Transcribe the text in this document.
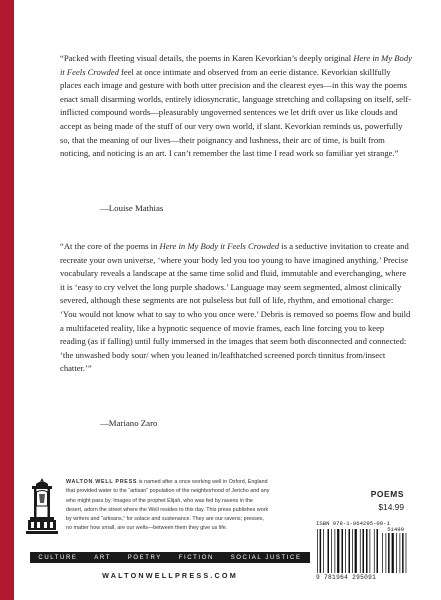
“Packed with fleeting visual details, the poems in Karen Kevorkian’s deeply original Here in My Body it Feels Crowded feel at once intimate and observed from an eerie distance. Kevorkian skillfully places each image and gesture with both utter precision and the clearest eyes—in this way the poems enact small disarming worlds, entirely idiosyncratic, language stretching and collapsing on itself, self-inflicted compound words—pleasurably ungoverned sentences we let drift over us like clouds and accept as being made of the stuff of our very own world, if slant. Kevorkian reminds us, powerfully so, that the meaning of our lives—their poignancy and lushness, their arc of time, is built from noticing, and noticing is an art. I can’t remember the last time I read work so familiar yet strange.”

—Louise Mathias

“At the core of the poems in Here in My Body it Feels Crowded is a seductive invitation to create and recreate your own universe, ‘where your body led you too young to have imagined anything.’ Precise vocabulary reveals a landscape at the same time solid and fluid, immutable and everchanging, where it is ‘easy to cry velvet the long purple shadows.’ Language may seem segmented, almost clinically severed, although these segments are not pulseless but full of life, rhythm, and emotional charge: ‘You would not know what to say to who you once were.’ Debris is removed so poems flow and build a multifaceted reality, like a hypnotic sequence of movie frames, each line forcing you to keep reading (as if falling) until fully immersed in the images that seem both disconnected and connected: ‘the unwashed body sour/ when you leaned in/leafthatched screened porch tinnitus from/insect chatter.’”

—Mariano Zaro
WALTON WELL PRESS is named after a once working well in Oxford, England that provided water to the “artisan” population of the neighborhood of Jericho and any who might pass by. Images of the prophet Elijah, who was fed by ravens in the desert, adorn the street where the Well resides to this day. This press publishes work by writers and “artisans,” for solace and sustenance. They are our ravens; presses, no matter how small, are our wells—between them they give us life.
CULTURE	ART	POETRY	FICTION	SOCIAL JUSTICE
WALTONWELLPRESS.COM
POEMS
$14.99
ISBN 978-1-964295-09-1
51499
9 781964 295091
